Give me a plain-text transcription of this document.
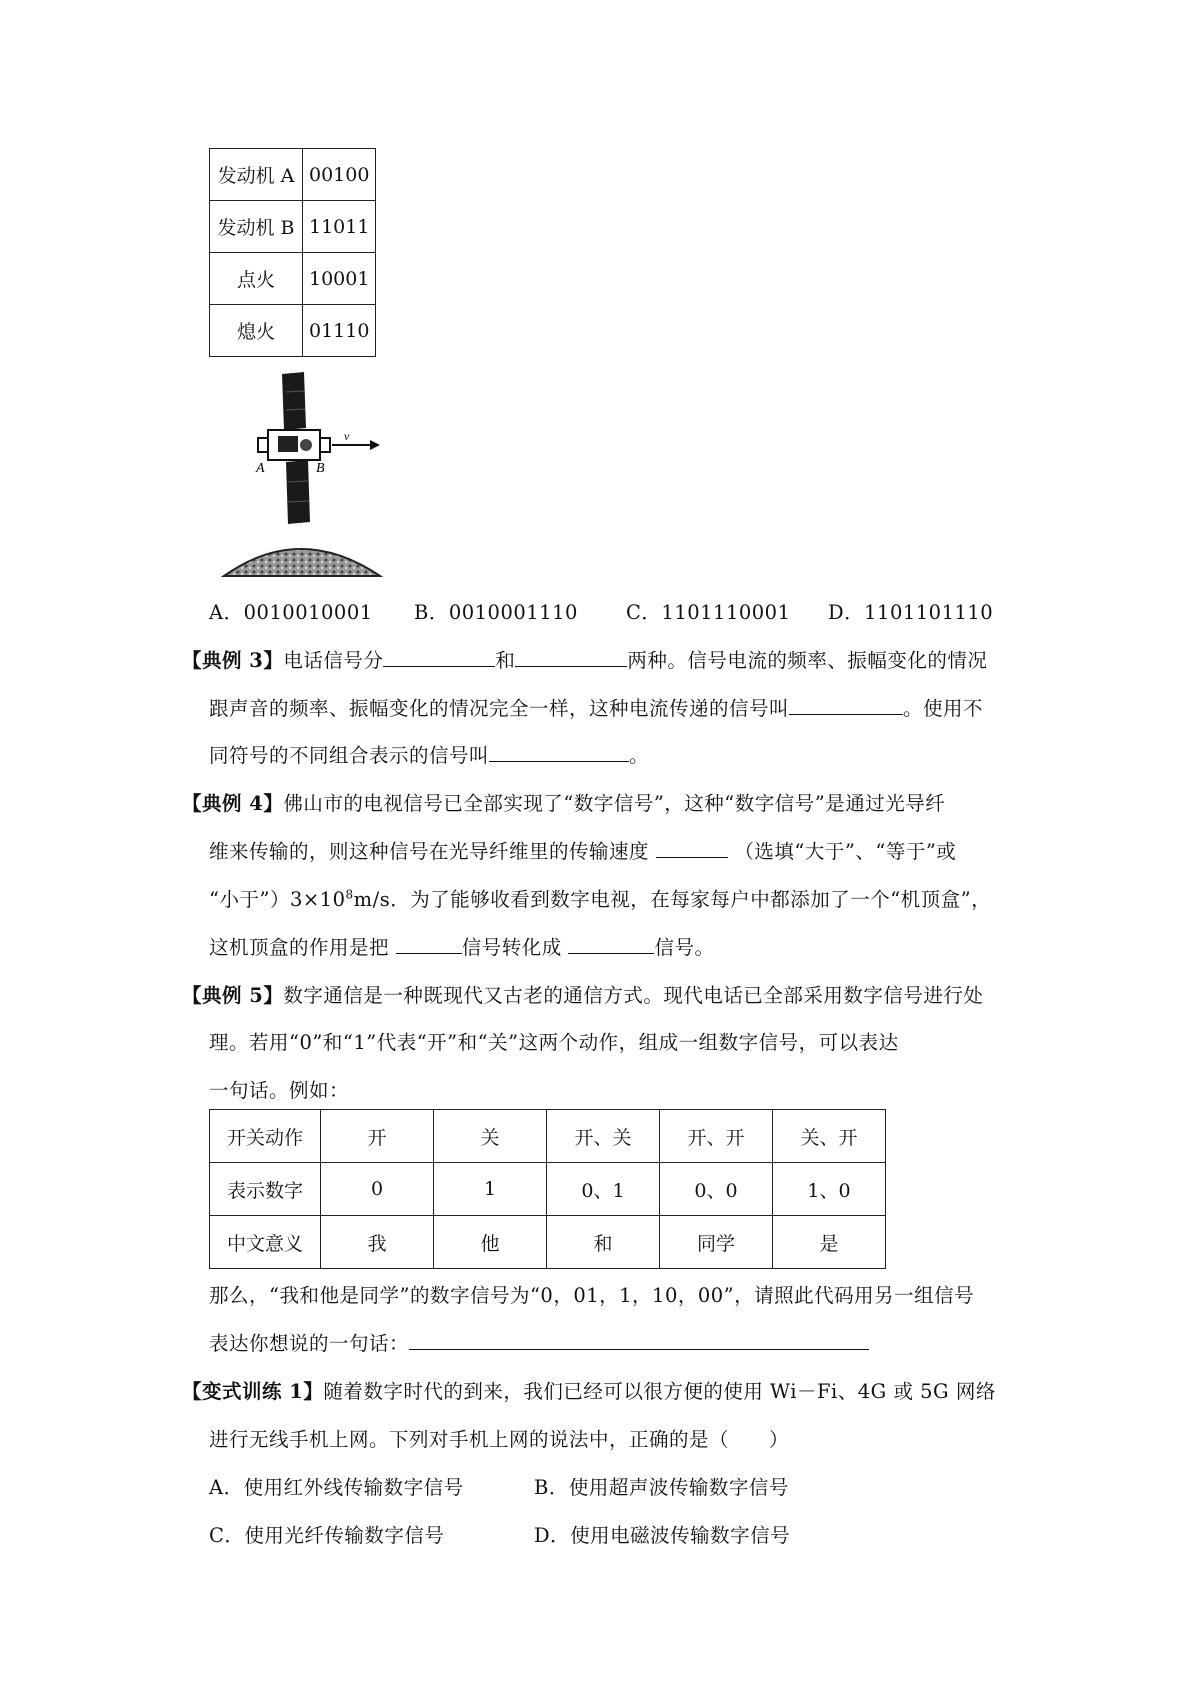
发动机 A	00100
发动机 B	11011
点火	10001
熄火	01110
v
A	B
A．0010010001 B．0010001110 C．1101110001 D．1101101110
【典例 3】电话信号分	和	两种。信号电流的频率、振幅变化的情况
跟声音的频率、振幅变化的情况完全一样，这种电流传递的信号叫	。使用不
同符号的不同组合表示的信号叫	。
【典例 4】佛山市的电视信号已全部实现了“数字信号”，这种“数字信号”是通过光导纤
维来传输的，则这种信号在光导纤维里的传输速度	（选填“大于”、“等于”或
“小于$”)3\times 10^8m/s$．为了能够收看到数字电视，在每家每户中都添加了一个“机顶盒”，
这机顶盒的作用是把	信号转化成	信号。
【典例 5】数字通信是一种既现代又古老的通信方式。现代电话已全部采用数字信号进行处
理。若用“0”和“1”代表“开”和“关”这两个动作，组成一组数字信号，可以表达
一句话。例如：
开关动作	开	关	开、关	开、开	关、开
表示数字	0	1	0、1	0、0	1、0
中文意义	我	他	和	同学	是
那么，“我和他是同学”的数字信号为“0，01，1，10，00”，请照此代码用另一组信号
表达你想说的一句话：
【变式训练 1】随着数字时代的到来，我们已经可以很方便的使用 Wi－Fi、4G 或 5G 网络
进行无线手机上网。下列对手机上网的说法中，正确的是（　　）
A．使用红外线传输数字信号	B．使用超声波传输数字信号
C．使用光纤传输数字信号	D．使用电磁波传输数字信号
